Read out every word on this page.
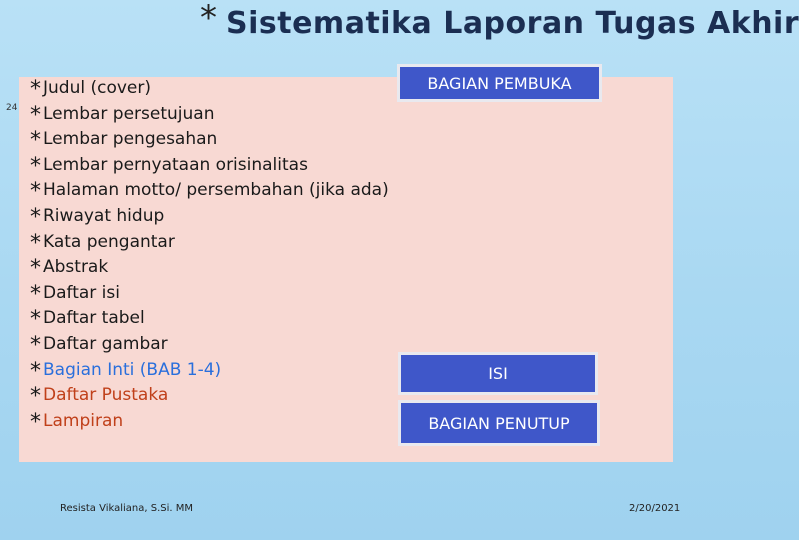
* Sistematika Laporan Tugas Akhir
24
* Judul (cover)
* Lembar persetujuan
* Lembar pengesahan
* Lembar pernyataan orisinalitas
* Halaman motto/ persembahan (jika ada)
* Riwayat hidup
* Kata pengantar
* Abstrak
* Daftar isi
* Daftar tabel
* Daftar gambar
* Bagian Inti (BAB 1-4)
* Daftar Pustaka
* Lampiran
BAGIAN PEMBUKA
ISI
BAGIAN PENUTUP
Resista Vikaliana, S.Si. MM	2/20/2021
